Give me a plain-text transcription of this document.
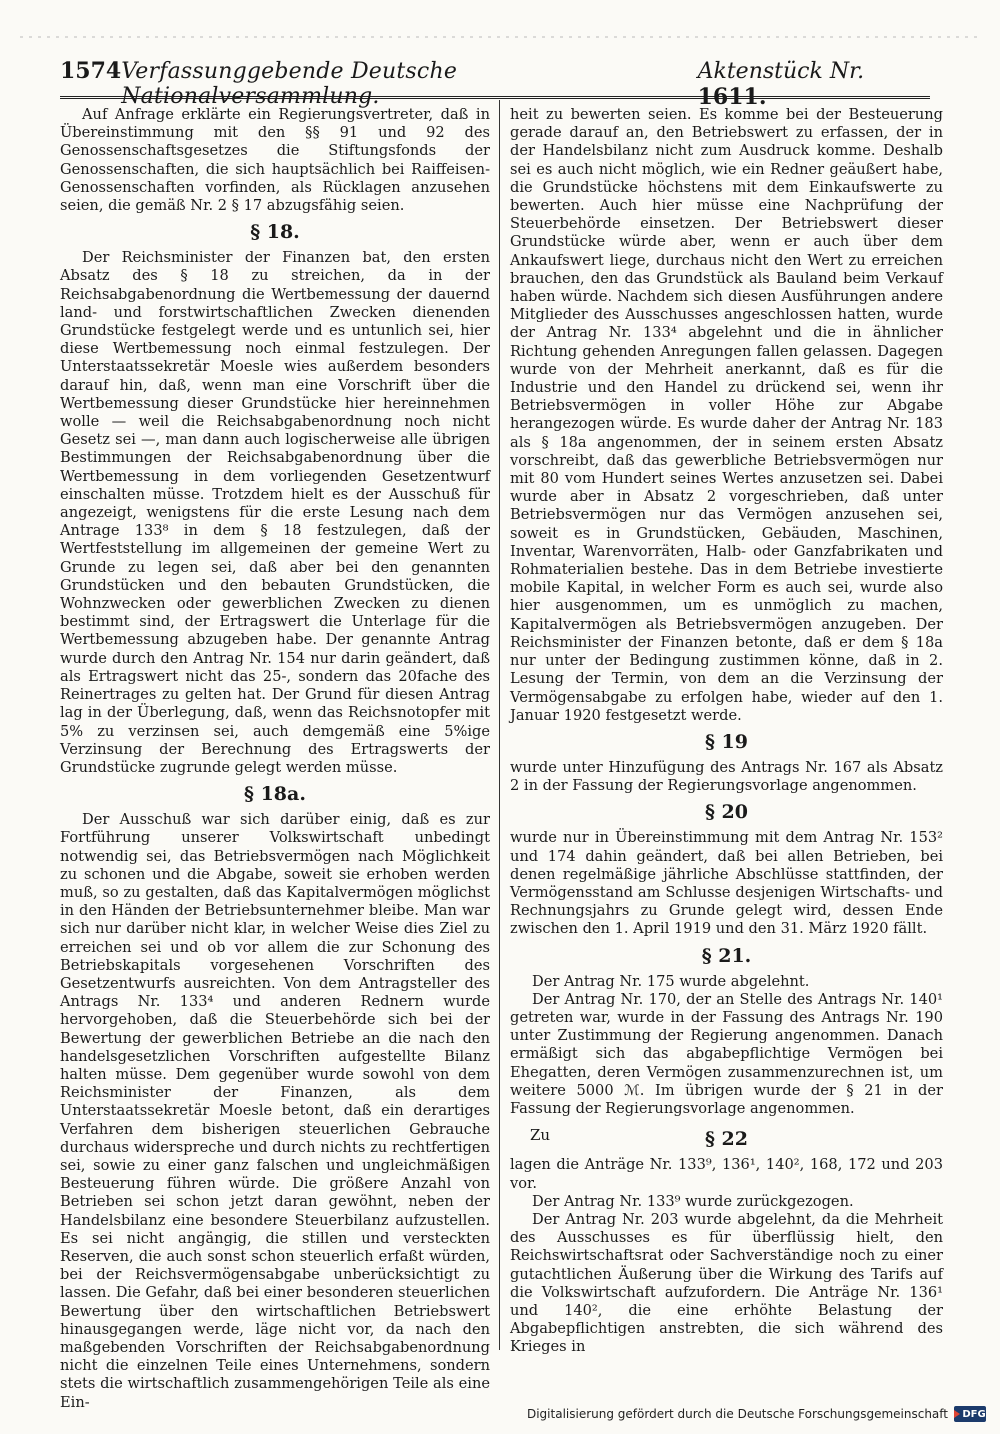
1574 Verfassunggebende Deutsche Nationalversammlung.
Aktenstück Nr. 1611.

Auf Anfrage erklärte ein Regierungsvertreter, daß in Übereinstimmung mit den §§ 91 und 92 des Genossenschaftsgesetzes die Stiftungsfonds der Genossenschaften, die sich hauptsächlich bei Raiffeisen-Genossenschaften vorfinden, als Rücklagen anzusehen seien, die gemäß Nr. 2 § 17 abzugsfähig seien.

§ 18.

Der Reichsminister der Finanzen bat, den ersten Absatz des § 18 zu streichen, da in der Reichsabgabenordnung die Wertbemessung der dauernd land- und forstwirtschaftlichen Zwecken dienenden Grundstücke festgelegt werde und es untunlich sei, hier diese Wertbemessung noch einmal festzulegen. Der Unterstaatssekretär Moesle wies außerdem besonders darauf hin, daß, wenn man eine Vorschrift über die Wertbemessung dieser Grundstücke hier hereinnehmen wolle — weil die Reichsabgabenordnung noch nicht Gesetz sei —, man dann auch logischerweise alle übrigen Bestimmungen der Reichsabgabenordnung über die Wertbemessung in dem vorliegenden Gesetzentwurf einschalten müsse. Trotzdem hielt es der Ausschuß für angezeigt, wenigstens für die erste Lesung nach dem Antrage 133⁸ in dem § 18 festzulegen, daß der Wertfeststellung im allgemeinen der gemeine Wert zu Grunde zu legen sei, daß aber bei den genannten Grundstücken und den bebauten Grundstücken, die Wohnzwecken oder gewerblichen Zwecken zu dienen bestimmt sind, der Ertragswert die Unterlage für die Wertbemessung abzugeben habe. Der genannte Antrag wurde durch den Antrag Nr. 154 nur darin geändert, daß als Ertragswert nicht das 25-, sondern das 20fache des Reinertrages zu gelten hat. Der Grund für diesen Antrag lag in der Überlegung, daß, wenn das Reichsnotopfer mit 5% zu verzinsen sei, auch demgemäß eine 5%ige Verzinsung der Berechnung des Ertragswerts der Grundstücke zugrunde gelegt werden müsse.

§ 18a.

Der Ausschuß war sich darüber einig, daß es zur Fortführung unserer Volkswirtschaft unbedingt notwendig sei, das Betriebsvermögen nach Möglichkeit zu schonen und die Abgabe, soweit sie erhoben werden muß, so zu gestalten, daß das Kapitalvermögen möglichst in den Händen der Betriebsunternehmer bleibe. Man war sich nur darüber nicht klar, in welcher Weise dies Ziel zu erreichen sei und ob vor allem die zur Schonung des Betriebskapitals vorgesehenen Vorschriften des Gesetzentwurfs ausreichten. Von dem Antragsteller des Antrags Nr. 133⁴ und anderen Rednern wurde hervorgehoben, daß die Steuerbehörde sich bei der Bewertung der gewerblichen Betriebe an die nach den handelsgesetzlichen Vorschriften aufgestellte Bilanz halten müsse. Dem gegenüber wurde sowohl von dem Reichsminister der Finanzen, als dem Unterstaatssekretär Moesle betont, daß ein derartiges Verfahren dem bisherigen steuerlichen Gebrauche durchaus widerspreche und durch nichts zu rechtfertigen sei, sowie zu einer ganz falschen und ungleichmäßigen Besteuerung führen würde. Die größere Anzahl von Betrieben sei schon jetzt daran gewöhnt, neben der Handelsbilanz eine besondere Steuerbilanz aufzustellen. Es sei nicht angängig, die stillen und versteckten Reserven, die auch sonst schon steuerlich erfaßt würden, bei der Reichsvermögensabgabe unberücksichtigt zu lassen. Die Gefahr, daß bei einer besonderen steuerlichen Bewertung über den wirtschaftlichen Betriebswert hinausgegangen werde, läge nicht vor, da nach den maßgebenden Vorschriften der Reichsabgabenordnung nicht die einzelnen Teile eines Unternehmens, sondern stets die wirtschaftlich zusammengehörigen Teile als eine Ein-

heit zu bewerten seien. Es komme bei der Besteuerung gerade darauf an, den Betriebswert zu erfassen, der in der Handelsbilanz nicht zum Ausdruck komme. Deshalb sei es auch nicht möglich, wie ein Redner geäußert habe, die Grundstücke höchstens mit dem Einkaufswerte zu bewerten. Auch hier müsse eine Nachprüfung der Steuerbehörde einsetzen. Der Betriebswert dieser Grundstücke würde aber, wenn er auch über dem Ankaufswert liege, durchaus nicht den Wert zu erreichen brauchen, den das Grundstück als Bauland beim Verkauf haben würde. Nachdem sich diesen Ausführungen andere Mitglieder des Ausschusses angeschlossen hatten, wurde der Antrag Nr. 133⁴ abgelehnt und die in ähnlicher Richtung gehenden Anregungen fallen gelassen. Dagegen wurde von der Mehrheit anerkannt, daß es für die Industrie und den Handel zu drückend sei, wenn ihr Betriebsvermögen in voller Höhe zur Abgabe herangezogen würde. Es wurde daher der Antrag Nr. 183 als § 18a angenommen, der in seinem ersten Absatz vorschreibt, daß das gewerbliche Betriebsvermögen nur mit 80 vom Hundert seines Wertes anzusetzen sei. Dabei wurde aber in Absatz 2 vorgeschrieben, daß unter Betriebsvermögen nur das Vermögen anzusehen sei, soweit es in Grundstücken, Gebäuden, Maschinen, Inventar, Warenvorräten, Halb- oder Ganzfabrikaten und Rohmaterialien bestehe. Das in dem Betriebe investierte mobile Kapital, in welcher Form es auch sei, wurde also hier ausgenommen, um es unmöglich zu machen, Kapitalvermögen als Betriebsvermögen anzugeben. Der Reichsminister der Finanzen betonte, daß er dem § 18a nur unter der Bedingung zustimmen könne, daß in 2. Lesung der Termin, von dem an die Verzinsung der Vermögensabgabe zu erfolgen habe, wieder auf den 1. Januar 1920 festgesetzt werde.

§ 19

wurde unter Hinzufügung des Antrags Nr. 167 als Absatz 2 in der Fassung der Regierungsvorlage angenommen.

§ 20

wurde nur in Übereinstimmung mit dem Antrag Nr. 153² und 174 dahin geändert, daß bei allen Betrieben, bei denen regelmäßige jährliche Abschlüsse stattfinden, der Vermögensstand am Schlusse desjenigen Wirtschafts- und Rechnungsjahrs zu Grunde gelegt wird, dessen Ende zwischen den 1. April 1919 und den 31. März 1920 fällt.

§ 21.

Der Antrag Nr. 175 wurde abgelehnt.

Der Antrag Nr. 170, der an Stelle des Antrags Nr. 140¹ getreten war, wurde in der Fassung des Antrags Nr. 190 unter Zustimmung der Regierung angenommen. Danach ermäßigt sich das abgabepflichtige Vermögen bei Ehegatten, deren Vermögen zusammenzurechnen ist, um weitere 5000 ℳ. Im übrigen wurde der § 21 in der Fassung der Regierungsvorlage angenommen.

Zu	§ 22

lagen die Anträge Nr. 133⁹, 136¹, 140², 168, 172 und 203 vor.

Der Antrag Nr. 133⁹ wurde zurückgezogen.

Der Antrag Nr. 203 wurde abgelehnt, da die Mehrheit des Ausschusses es für überflüssig hielt, den Reichswirtschaftsrat oder Sachverständige noch zu einer gutachtlichen Äußerung über die Wirkung des Tarifs auf die Volkswirtschaft aufzufordern. Die Anträge Nr. 136¹ und 140², die eine erhöhte Belastung der Abgabepflichtigen anstrebten, die sich während des Krieges in

Digitalisierung gefördert durch die Deutsche Forschungsgemeinschaft	DFG
